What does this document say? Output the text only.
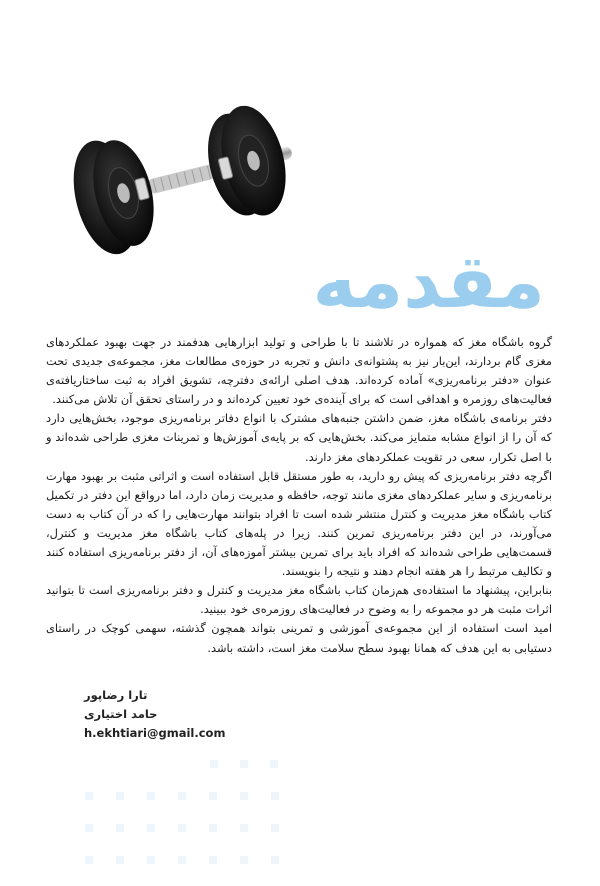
مقدمه

گروه باشگاه مغز که همواره در تلاشند تا با طراحی و تولید ابزارهایی هدفمند در جهت بهبود عملکردهای مغزی گام بردارند، این‌بار نیز به پشتوانه‌ی دانش و تجربه در حوزه‌ی مطالعات مغز، مجموعه‌ی جدیدی تحت عنوان «دفتر برنامه‌ریزی» آماده کرده‌اند. هدف اصلی ارائه‌ی دفترچه، تشویق افراد به ثبت ساختاریافته‌ی فعالیت‌های روزمره و اهدافی است که برای آینده‌ی خود تعیین کرده‌اند و در راستای تحقق آن تلاش می‌کنند.

دفتر برنامه‌ی باشگاه مغز، ضمن داشتن جنبه‌های مشترک با انواع دفاتر برنامه‌ریزی موجود، بخش‌هایی دارد که آن را از انواع مشابه متمایز می‌کند. بخش‌هایی که بر پایه‌ی آموزش‌ها و تمرینات مغزی طراحی شده‌اند و با اصل تکرار، سعی در تقویت عملکردهای مغز دارند.

اگرچه دفتر برنامه‌ریزی که پیش رو دارید، به طور مستقل قابل استفاده است و اثراتی مثبت بر بهبود مهارت برنامه‌ریزی و سایر عملکردهای مغزی مانند توجه، حافظه و مدیریت زمان دارد، اما درواقع این دفتر در تکمیل کتاب باشگاه مغز مدیریت و کنترل منتشر شده است تا افراد بتوانند مهارت‌هایی را که در آن کتاب به دست می‌آورند، در این دفتر برنامه‌ریزی تمرین کنند. زیرا در پله‌های کتاب باشگاه مغز مدیریت و کنترل، قسمت‌هایی طراحی شده‌اند که افراد باید برای تمرین بیشتر آموزه‌های آن، از دفتر برنامه‌ریزی استفاده کنند و تکالیف مرتبط را هر هفته انجام دهند و نتیجه را بنویسند.

بنابراین، پیشنهاد ما استفاده‌ی هم‌زمان کتاب باشگاه مغز مدیریت و کنترل و دفتر برنامه‌ریزی است تا بتوانید اثرات مثبت هر دو مجموعه را به وضوح در فعالیت‌های روزمره‌ی خود ببینید.

امید است استفاده از این مجموعه‌ی آموزشی و تمرینی بتواند همچون گذشته، سهمی کوچک در راستای دستیابی به این هدف که همانا بهبود سطح سلامت مغز است، داشته باشد.

تارا رضاپور
حامد اختیاری
h.ekhtiari@gmail.com
